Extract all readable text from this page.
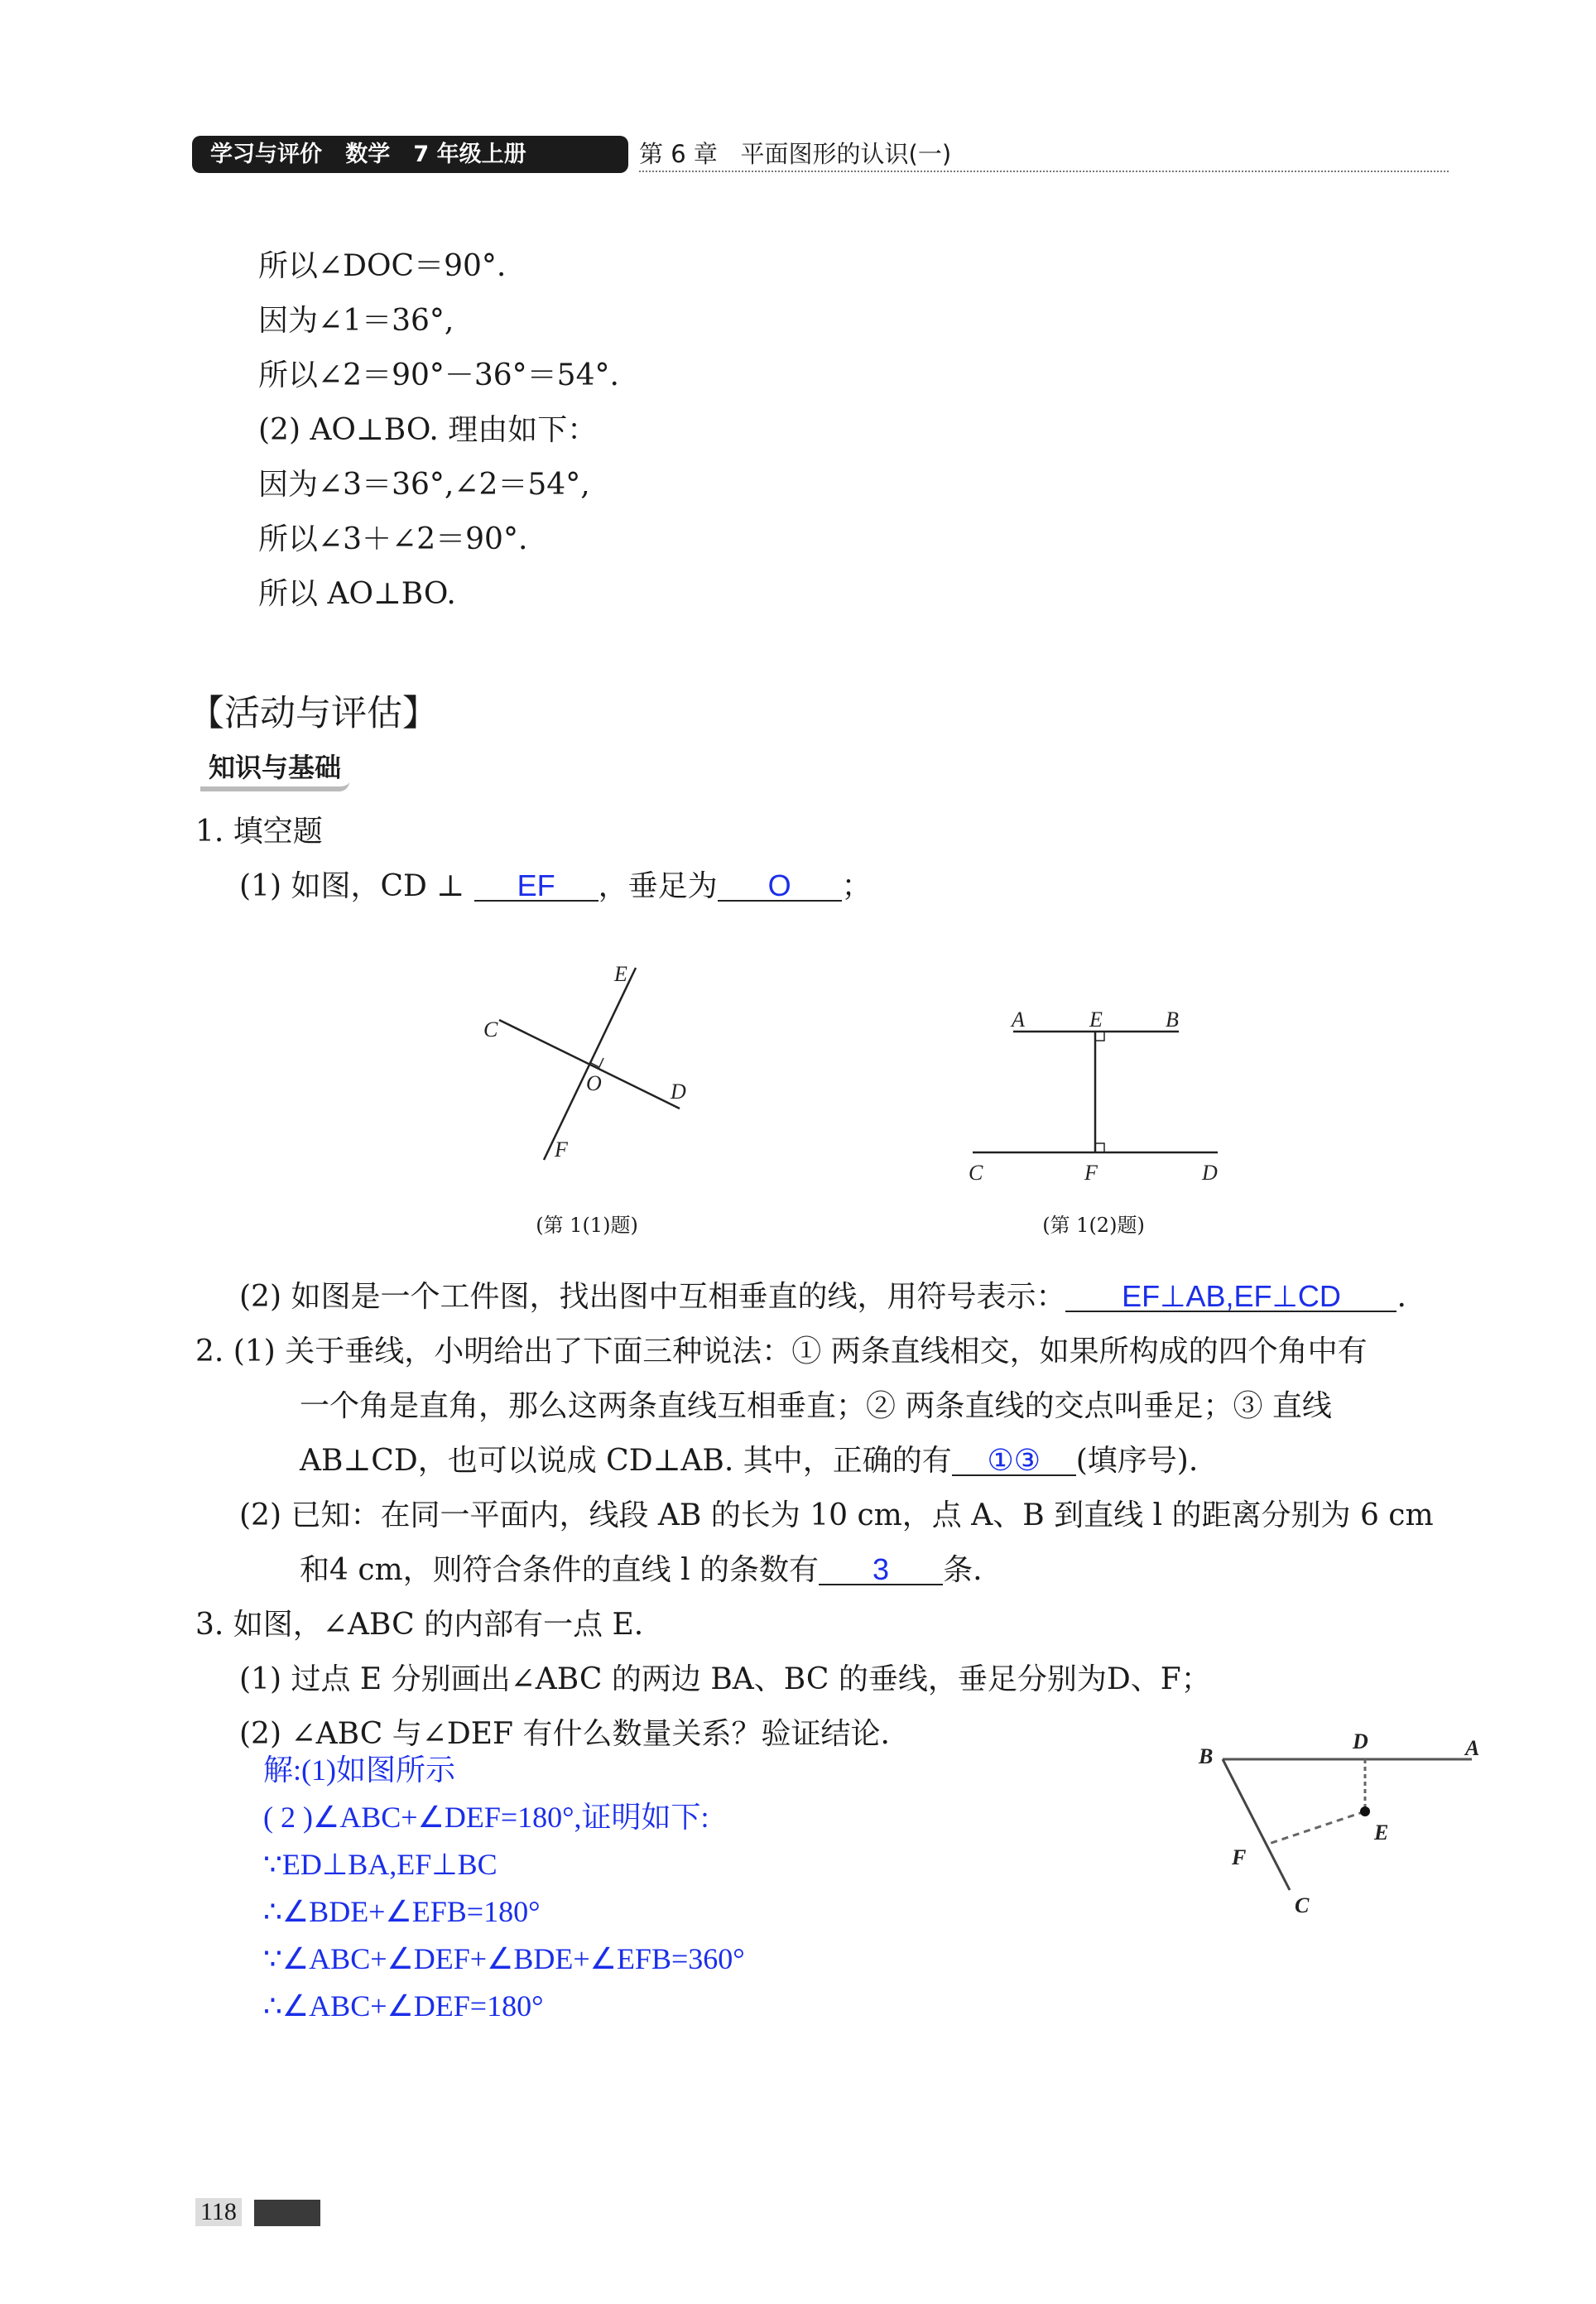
学习与评价   数学   7 年级上册	第 6 章   平面图形的认识(一)
所以∠DOC＝90°.
因为∠1＝36°,
所以∠2＝90°－36°＝54°.
(2) AO⊥BO. 理由如下：
因为∠3＝36°,∠2＝54°,
所以∠3＋∠2＝90°.
所以 AO⊥BO.
【活动与评估】
知识与基础
1. 填空题
(1) 如图，CD ⊥ EF ，垂足为 O ；
(2) 如图是一个工件图，找出图中互相垂直的线，用符号表示： EF⊥AB,EF⊥CD .
2. (1) 关于垂线，小明给出了下面三种说法：① 两条直线相交，如果所构成的四个角中有
一个角是直角，那么这两条直线互相垂直；② 两条直线的交点叫垂足；③ 直线
AB⊥CD，也可以说成 CD⊥AB. 其中，正确的有 ①③ (填序号).
(2) 已知：在同一平面内，线段 AB 的长为 10 cm，点 A、B 到直线 l 的距离分别为 6 cm
和4 cm，则符合条件的直线 l 的条数有 3 条.
3. 如图，∠ABC 的内部有一点 E.
(1) 过点 E 分别画出∠ABC 的两边 BA、BC 的垂线，垂足分别为D、F；
(2) ∠ABC 与∠DEF 有什么数量关系？验证结论.
解:(1)如图所示
( 2 )∠ABC+∠DEF=180°,证明如下:
∵ED⊥BA,EF⊥BC
∴∠BDE+∠EFB=180°
∵∠ABC+∠DEF+∠BDE+∠EFB=360°
∴∠ABC+∠DEF=180°
E
C
O	D
F
A	E	B
C	F	D
B
D	A
E
F
C
(第 1(1)题)	(第 1(2)题)
118
